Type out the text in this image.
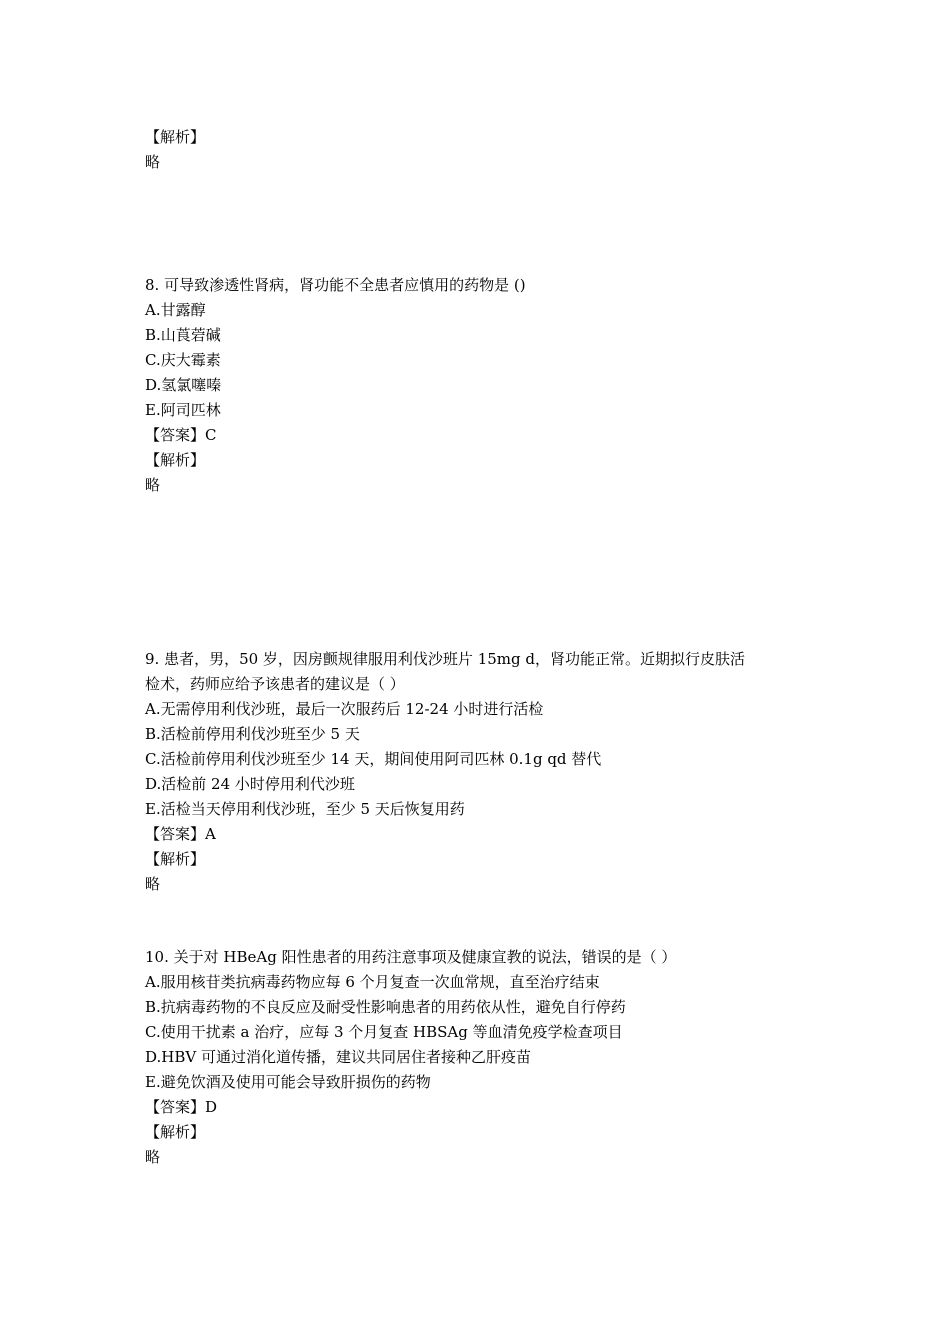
【解析】
略
8. 可导致渗透性肾病，肾功能不全患者应慎用的药物是 ()
A.甘露醇
B.山莨菪碱
C.庆大霉素
D.氢氯噻嗪
E.阿司匹林
【答案】C
【解析】
略
9. 患者，男，50 岁，因房颤规律服用利伐沙班片 15mg d，肾功能正常。近期拟行皮肤活
检术，药师应给予该患者的建议是（ ）
A.无需停用利伐沙班，最后一次服药后 12-24 小时进行活检
B.活检前停用利伐沙班至少 5 天
C.活检前停用利伐沙班至少 14 天，期间使用阿司匹林 0.1g qd 替代
D.活检前 24 小时停用利代沙班
E.活检当天停用利伐沙班，至少 5 天后恢复用药
【答案】A
【解析】
略
10. 关于对 HBeAg 阳性患者的用药注意事项及健康宣教的说法，错误的是（ ）
A.服用核苷类抗病毒药物应每 6 个月复查一次血常规，直至治疗结束
B.抗病毒药物的不良反应及耐受性影响患者的用药依从性，避免自行停药
C.使用干扰素 a 治疗，应每 3 个月复查 HBSAg 等血清免疫学检查项目
D.HBV 可通过消化道传播，建议共同居住者接种乙肝疫苗
E.避免饮酒及使用可能会导致肝损伤的药物
【答案】D
【解析】
略
